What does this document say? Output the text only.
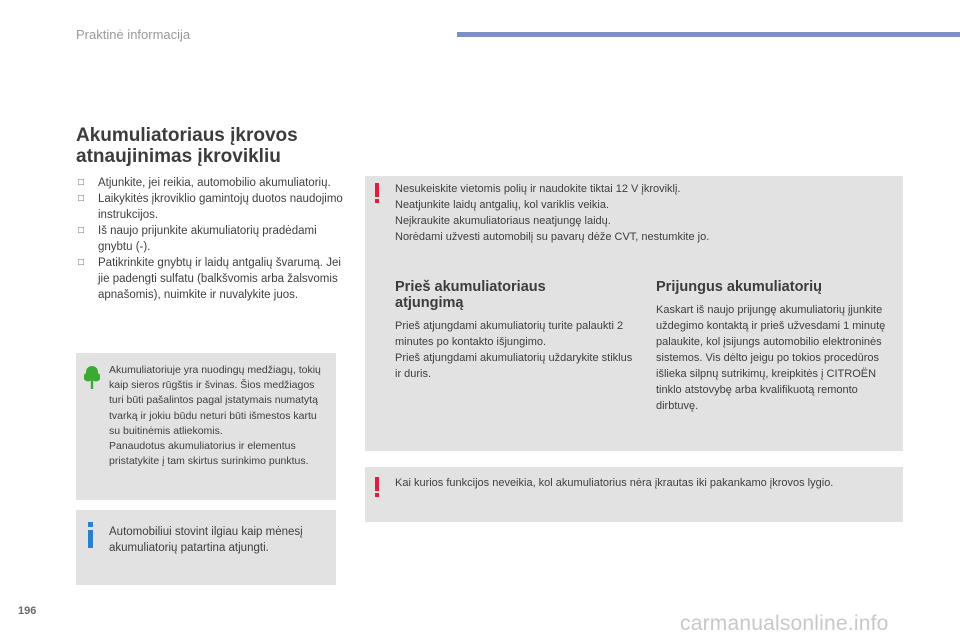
Praktinė informacija
Akumuliatoriaus įkrovos
atnaujinimas įkrovikliu
□ Atjunkite, jei reikia, automobilio akumuliatorių.
□ Laikykitės įkroviklio gamintojų duotos naudojimo instrukcijos.
□ Iš naujo prijunkite akumuliatorių pradėdami gnybtu (-).
□ Patikrinkite gnybtų ir laidų antgalių švarumą. Jei jie padengti sulfatu (balkšvomis arba žalsvomis apnašomis), nuimkite ir nuvalykite juos.
Akumuliatoriuje yra nuodingų medžiagų, tokių kaip sieros rūgštis ir švinas. Šios medžiagos turi būti pašalintos pagal įstatymais numatytą tvarką ir jokiu būdu neturi būti išmestos kartu su buitinėmis atliekomis.
Panaudotus akumuliatorius ir elementus pristatykite į tam skirtus surinkimo punktus.
Automobiliui stovint ilgiau kaip mėnesį akumuliatorių patartina atjungti.
Nesukeiskite vietomis polių ir naudokite tiktai 12 V įkroviklį.
Neatjunkite laidų antgalių, kol variklis veikia.
Neįkraukite akumuliatoriaus neatjungę laidų.
Norėdami užvesti automobilį su pavarų dėže CVT, nestumkite jo.
Prieš akumuliatoriaus
atjungimą
Prieš atjungdami akumuliatorių turite palaukti 2 minutes po kontakto išjungimo.
Prieš atjungdami akumuliatorių uždarykite stiklus ir duris.
Prijungus akumuliatorių
Kaskart iš naujo prijungę akumuliatorių įjunkite uždegimo kontaktą ir prieš užvesdami 1 minutę palaukite, kol įsijungs automobilio elektroninės sistemos. Vis dėlto jeigu po tokios procedūros išlieka silpnų sutrikimų, kreipkitės į CITROËN tinklo atstovybę arba kvalifikuotą remonto dirbtuvę.
Kai kurios funkcijos neveikia, kol akumuliatorius nėra įkrautas iki pakankamo įkrovos lygio.
196
carmanualsonline.info
